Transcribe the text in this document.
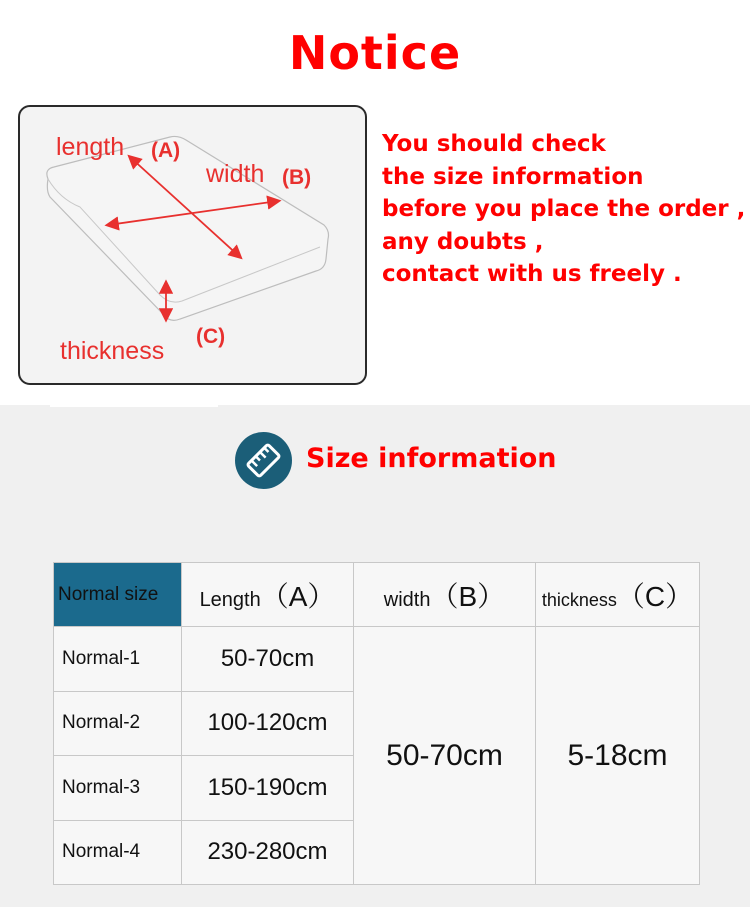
Notice
length (A)
width (B)
thickness
(C)
You should check
the size information
before you place the order ,
any doubts ,
contact with us freely .
Size information
Normal size	Length（A）	width（B）	thickness（C）
Normal-1	50-70cm	50-70cm	5-18cm
Normal-2	100-120cm		
Normal-3	150-190cm		
Normal-4	230-280cm		
